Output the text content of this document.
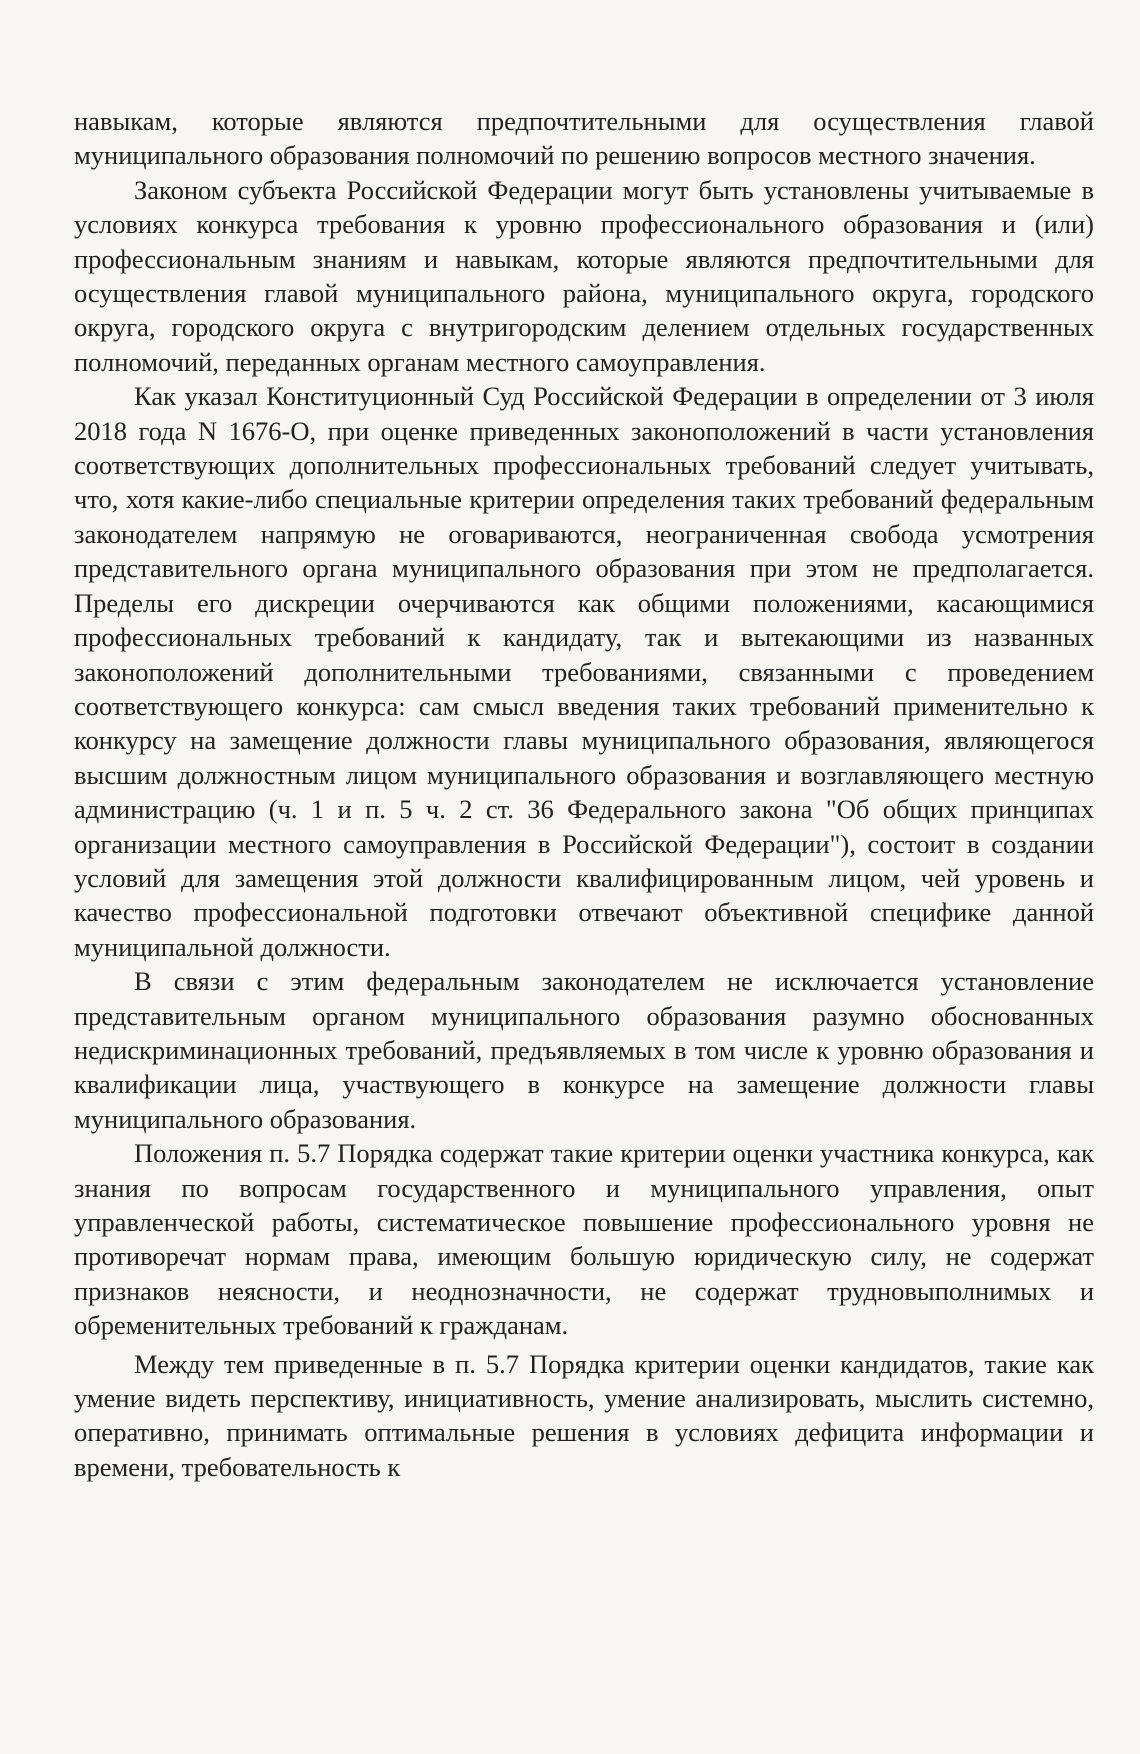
навыкам, которые являются предпочтительными для осуществления главой муниципального образования полномочий по решению вопросов местного значения.

Законом субъекта Российской Федерации могут быть установлены учитываемые в условиях конкурса требования к уровню профессионального образования и (или) профессиональным знаниям и навыкам, которые являются предпочтительными для осуществления главой муниципального района, муниципального округа, городского округа, городского округа с внутригородским делением отдельных государственных полномочий, переданных органам местного самоуправления.

Как указал Конституционный Суд Российской Федерации в определении от 3 июля 2018 года N 1676-О, при оценке приведенных законоположений в части установления соответствующих дополнительных профессиональных требований следует учитывать, что, хотя какие-либо специальные критерии определения таких требований федеральным законодателем напрямую не оговариваются, неограниченная свобода усмотрения представительного органа муниципального образования при этом не предполагается. Пределы его дискреции очерчиваются как общими положениями, касающимися профессиональных требований к кандидату, так и вытекающими из названных законоположений дополнительными требованиями, связанными с проведением соответствующего конкурса: сам смысл введения таких требований применительно к конкурсу на замещение должности главы муниципального образования, являющегося высшим должностным лицом муниципального образования и возглавляющего местную администрацию (ч. 1 и п. 5 ч. 2 ст. 36 Федерального закона "Об общих принципах организации местного самоуправления в Российской Федерации"), состоит в создании условий для замещения этой должности квалифицированным лицом, чей уровень и качество профессиональной подготовки отвечают объективной специфике данной муниципальной должности.

В связи с этим федеральным законодателем не исключается установление представительным органом муниципального образования разумно обоснованных недискриминационных требований, предъявляемых в том числе к уровню образования и квалификации лица, участвующего в конкурсе на замещение должности главы муниципального образования.

Положения п. 5.7 Порядка содержат такие критерии оценки участника конкурса, как знания по вопросам государственного и муниципального управления, опыт управленческой работы, систематическое повышение профессионального уровня не противоречат нормам права, имеющим большую юридическую силу, не содержат признаков неясности, и неоднозначности, не содержат трудновыполнимых и обременительных требований к гражданам.

Между тем приведенные в п. 5.7 Порядка критерии оценки кандидатов, такие как умение видеть перспективу, инициативность, умение анализировать, мыслить системно, оперативно, принимать оптимальные решения в условиях дефицита информации и времени, требовательность к
